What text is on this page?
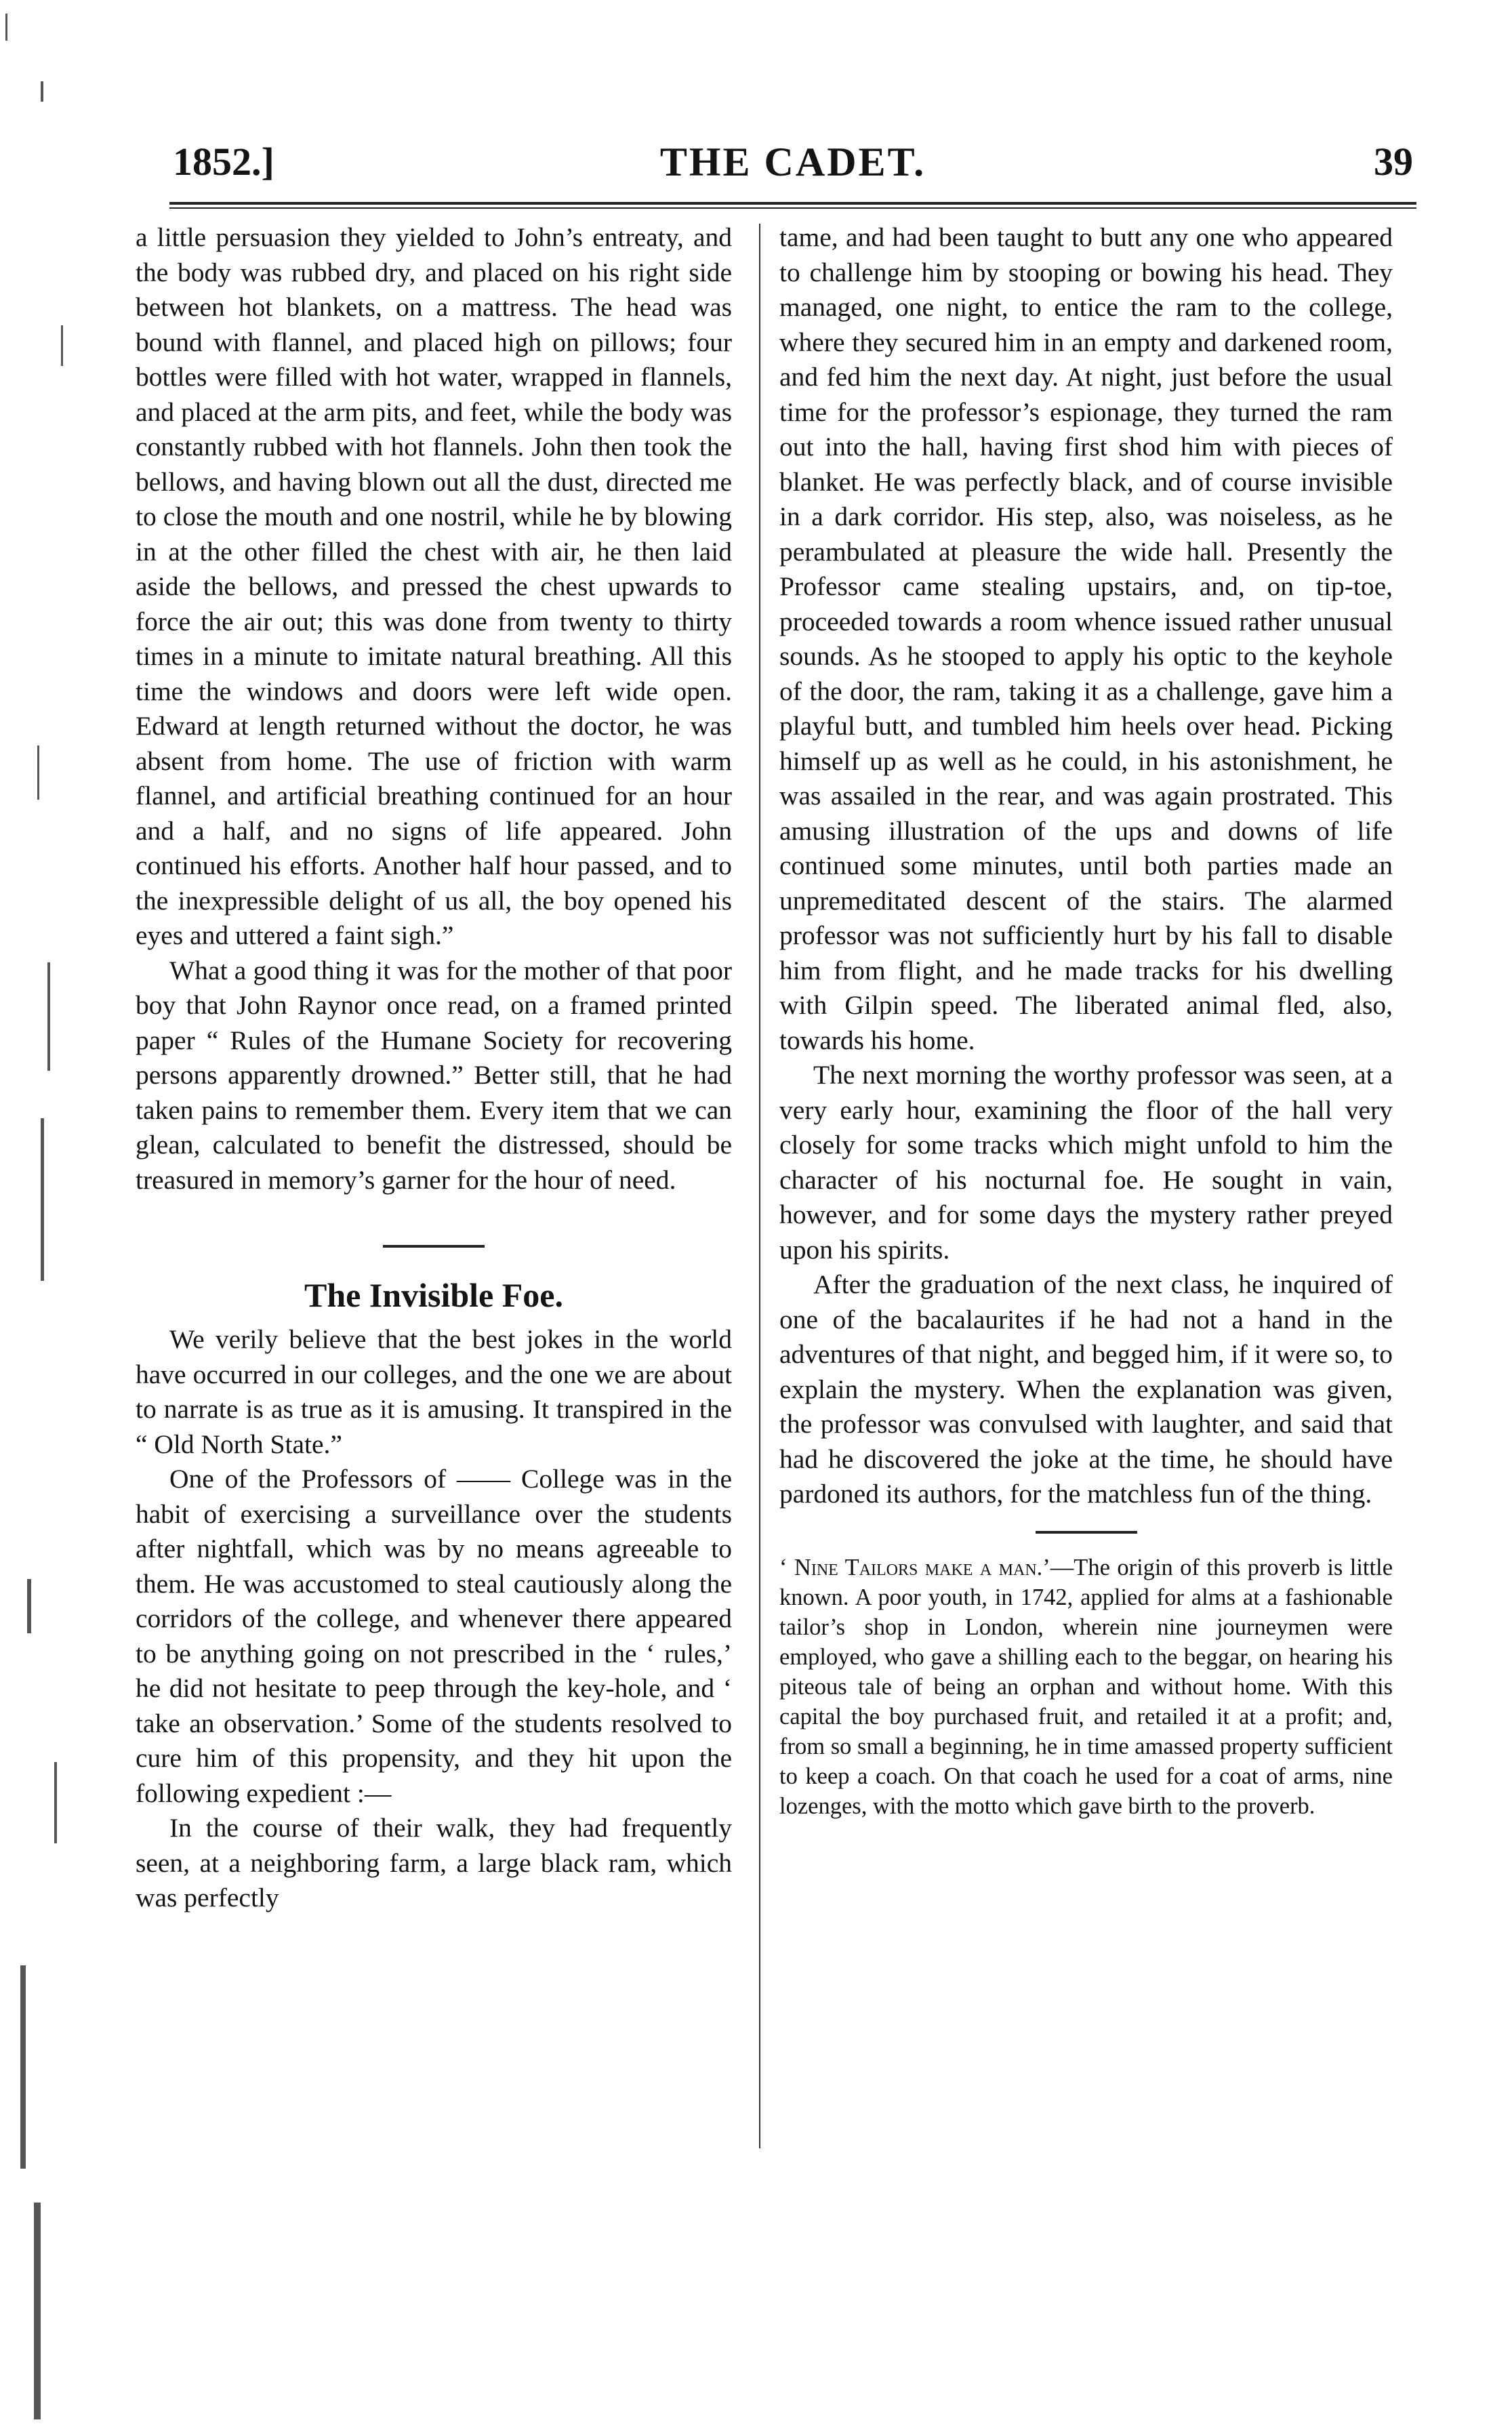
1852.]	THE CADET.	39

a little persuasion they yielded to John’s entreaty, and the body was rubbed dry, and placed on his right side between hot blankets, on a mattress. The head was bound with flannel, and placed high on pillows; four bottles were filled with hot water, wrapped in flannels, and placed at the arm pits, and feet, while the body was constantly rubbed with hot flannels. John then took the bellows, and having blown out all the dust, directed me to close the mouth and one nostril, while he by blowing in at the other filled the chest with air, he then laid aside the bellows, and pressed the chest upwards to force the air out; this was done from twenty to thirty times in a minute to imitate natural breathing. All this time the windows and doors were left wide open. Edward at length returned without the doctor, he was absent from home. The use of friction with warm flannel, and artificial breathing continued for an hour and a half, and no signs of life appeared. John continued his efforts. Another half hour passed, and to the inexpressible delight of us all, the boy opened his eyes and uttered a faint sigh.”

What a good thing it was for the mother of that poor boy that John Raynor once read, on a framed printed paper “ Rules of the Humane Society for recovering persons apparently drowned.” Better still, that he had taken pains to remember them. Every item that we can glean, calculated to benefit the distressed, should be treasured in memory’s garner for the hour of need.

The Invisible Foe.

We verily believe that the best jokes in the world have occurred in our colleges, and the one we are about to narrate is as true as it is amusing. It transpired in the “ Old North State.”

One of the Professors of —— College was in the habit of exercising a surveillance over the students after nightfall, which was by no means agreeable to them. He was accustomed to steal cautiously along the corridors of the college, and whenever there appeared to be anything going on not prescribed in the ‘ rules,’ he did not hesitate to peep through the key-hole, and ‘ take an observation.’ Some of the students resolved to cure him of this propensity, and they hit upon the following expedient :—

In the course of their walk, they had frequently seen, at a neighboring farm, a large black ram, which was perfectly

tame, and had been taught to butt any one who appeared to challenge him by stooping or bowing his head. They managed, one night, to entice the ram to the college, where they secured him in an empty and darkened room, and fed him the next day. At night, just before the usual time for the professor’s espionage, they turned the ram out into the hall, having first shod him with pieces of blanket. He was perfectly black, and of course invisible in a dark corridor. His step, also, was noiseless, as he perambulated at pleasure the wide hall. Presently the Professor came stealing upstairs, and, on tip-toe, proceeded towards a room whence issued rather unusual sounds. As he stooped to apply his optic to the keyhole of the door, the ram, taking it as a challenge, gave him a playful butt, and tumbled him heels over head. Picking himself up as well as he could, in his astonishment, he was assailed in the rear, and was again prostrated. This amusing illustration of the ups and downs of life continued some minutes, until both parties made an unpremeditated descent of the stairs. The alarmed professor was not sufficiently hurt by his fall to disable him from flight, and he made tracks for his dwelling with Gilpin speed. The liberated animal fled, also, towards his home.

The next morning the worthy professor was seen, at a very early hour, examining the floor of the hall very closely for some tracks which might unfold to him the character of his nocturnal foe. He sought in vain, however, and for some days the mystery rather preyed upon his spirits.

After the graduation of the next class, he inquired of one of the bacalaurites if he had not a hand in the adventures of that night, and begged him, if it were so, to explain the mystery. When the explanation was given, the professor was convulsed with laughter, and said that had he discovered the joke at the time, he should have pardoned its authors, for the matchless fun of the thing.

‘ Nine Tailors make a man.’—The origin of this proverb is little known. A poor youth, in 1742, applied for alms at a fashionable tailor’s shop in London, wherein nine journeymen were employed, who gave a shilling each to the beggar, on hearing his piteous tale of being an orphan and without home. With this capital the boy purchased fruit, and retailed it at a profit; and, from so small a beginning, he in time amassed property sufficient to keep a coach. On that coach he used for a coat of arms, nine lozenges, with the motto which gave birth to the proverb.
